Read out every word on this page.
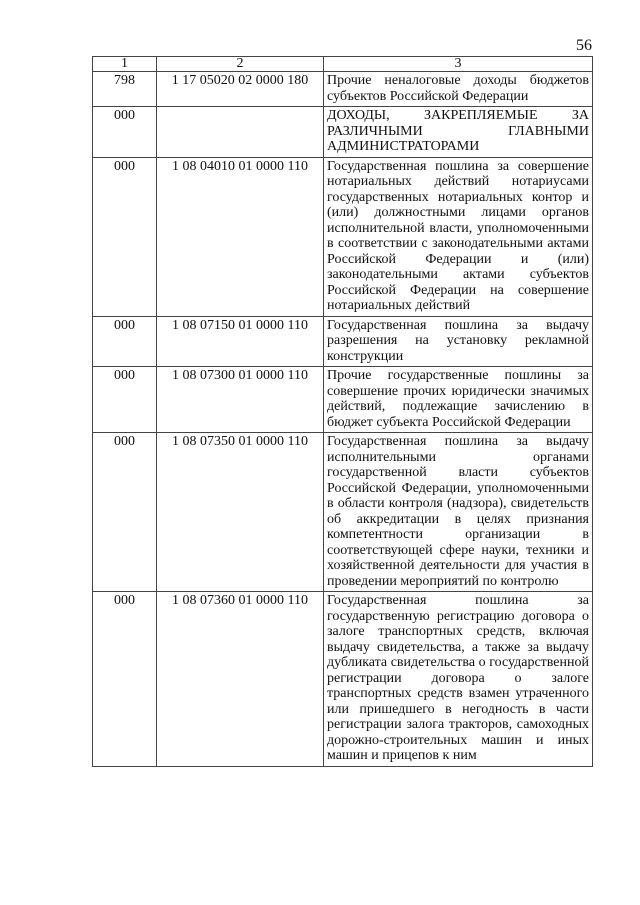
56
1	2	3
798	1 17 05020 02 0000 180	Прочие неналоговые доходы бюджетов субъектов Российской Федерации
000		ДОХОДЫ, ЗАКРЕПЛЯЕМЫЕ ЗА РАЗЛИЧНЫМИ ГЛАВНЫМИ АДМИНИСТРАТОРАМИ
000	1 08 04010 01 0000 110	Государственная пошлина за совершение нотариальных действий нотариусами государственных нотариальных контор и (или) должностными лицами органов исполнительной власти, уполномоченными в соответствии с законодательными актами Российской Федерации и (или) законодательными актами субъектов Российской Федерации на совершение нотариальных действий
000	1 08 07150 01 0000 110	Государственная пошлина за выдачу разрешения на установку рекламной конструкции
000	1 08 07300 01 0000 110	Прочие государственные пошлины за совершение прочих юридически значимых действий, подлежащие зачислению в бюджет субъекта Российской Федерации
000	1 08 07350 01 0000 110	Государственная пошлина за выдачу исполнительными органами государственной власти субъектов Российской Федерации, уполномоченными в области контроля (надзора), свидетельств об аккредитации в целях признания компетентности организации в соответствующей сфере науки, техники и хозяйственной деятельности для участия в проведении мероприятий по контролю
000	1 08 07360 01 0000 110	Государственная пошлина за государственную регистрацию договора о залоге транспортных средств, включая выдачу свидетельства, а также за выдачу дубликата свидетельства о государственной регистрации договора о залоге транспортных средств взамен утраченного или пришедшего в негодность в части регистрации залога тракторов, самоходных дорожно-строительных машин и иных машин и прицепов к ним
